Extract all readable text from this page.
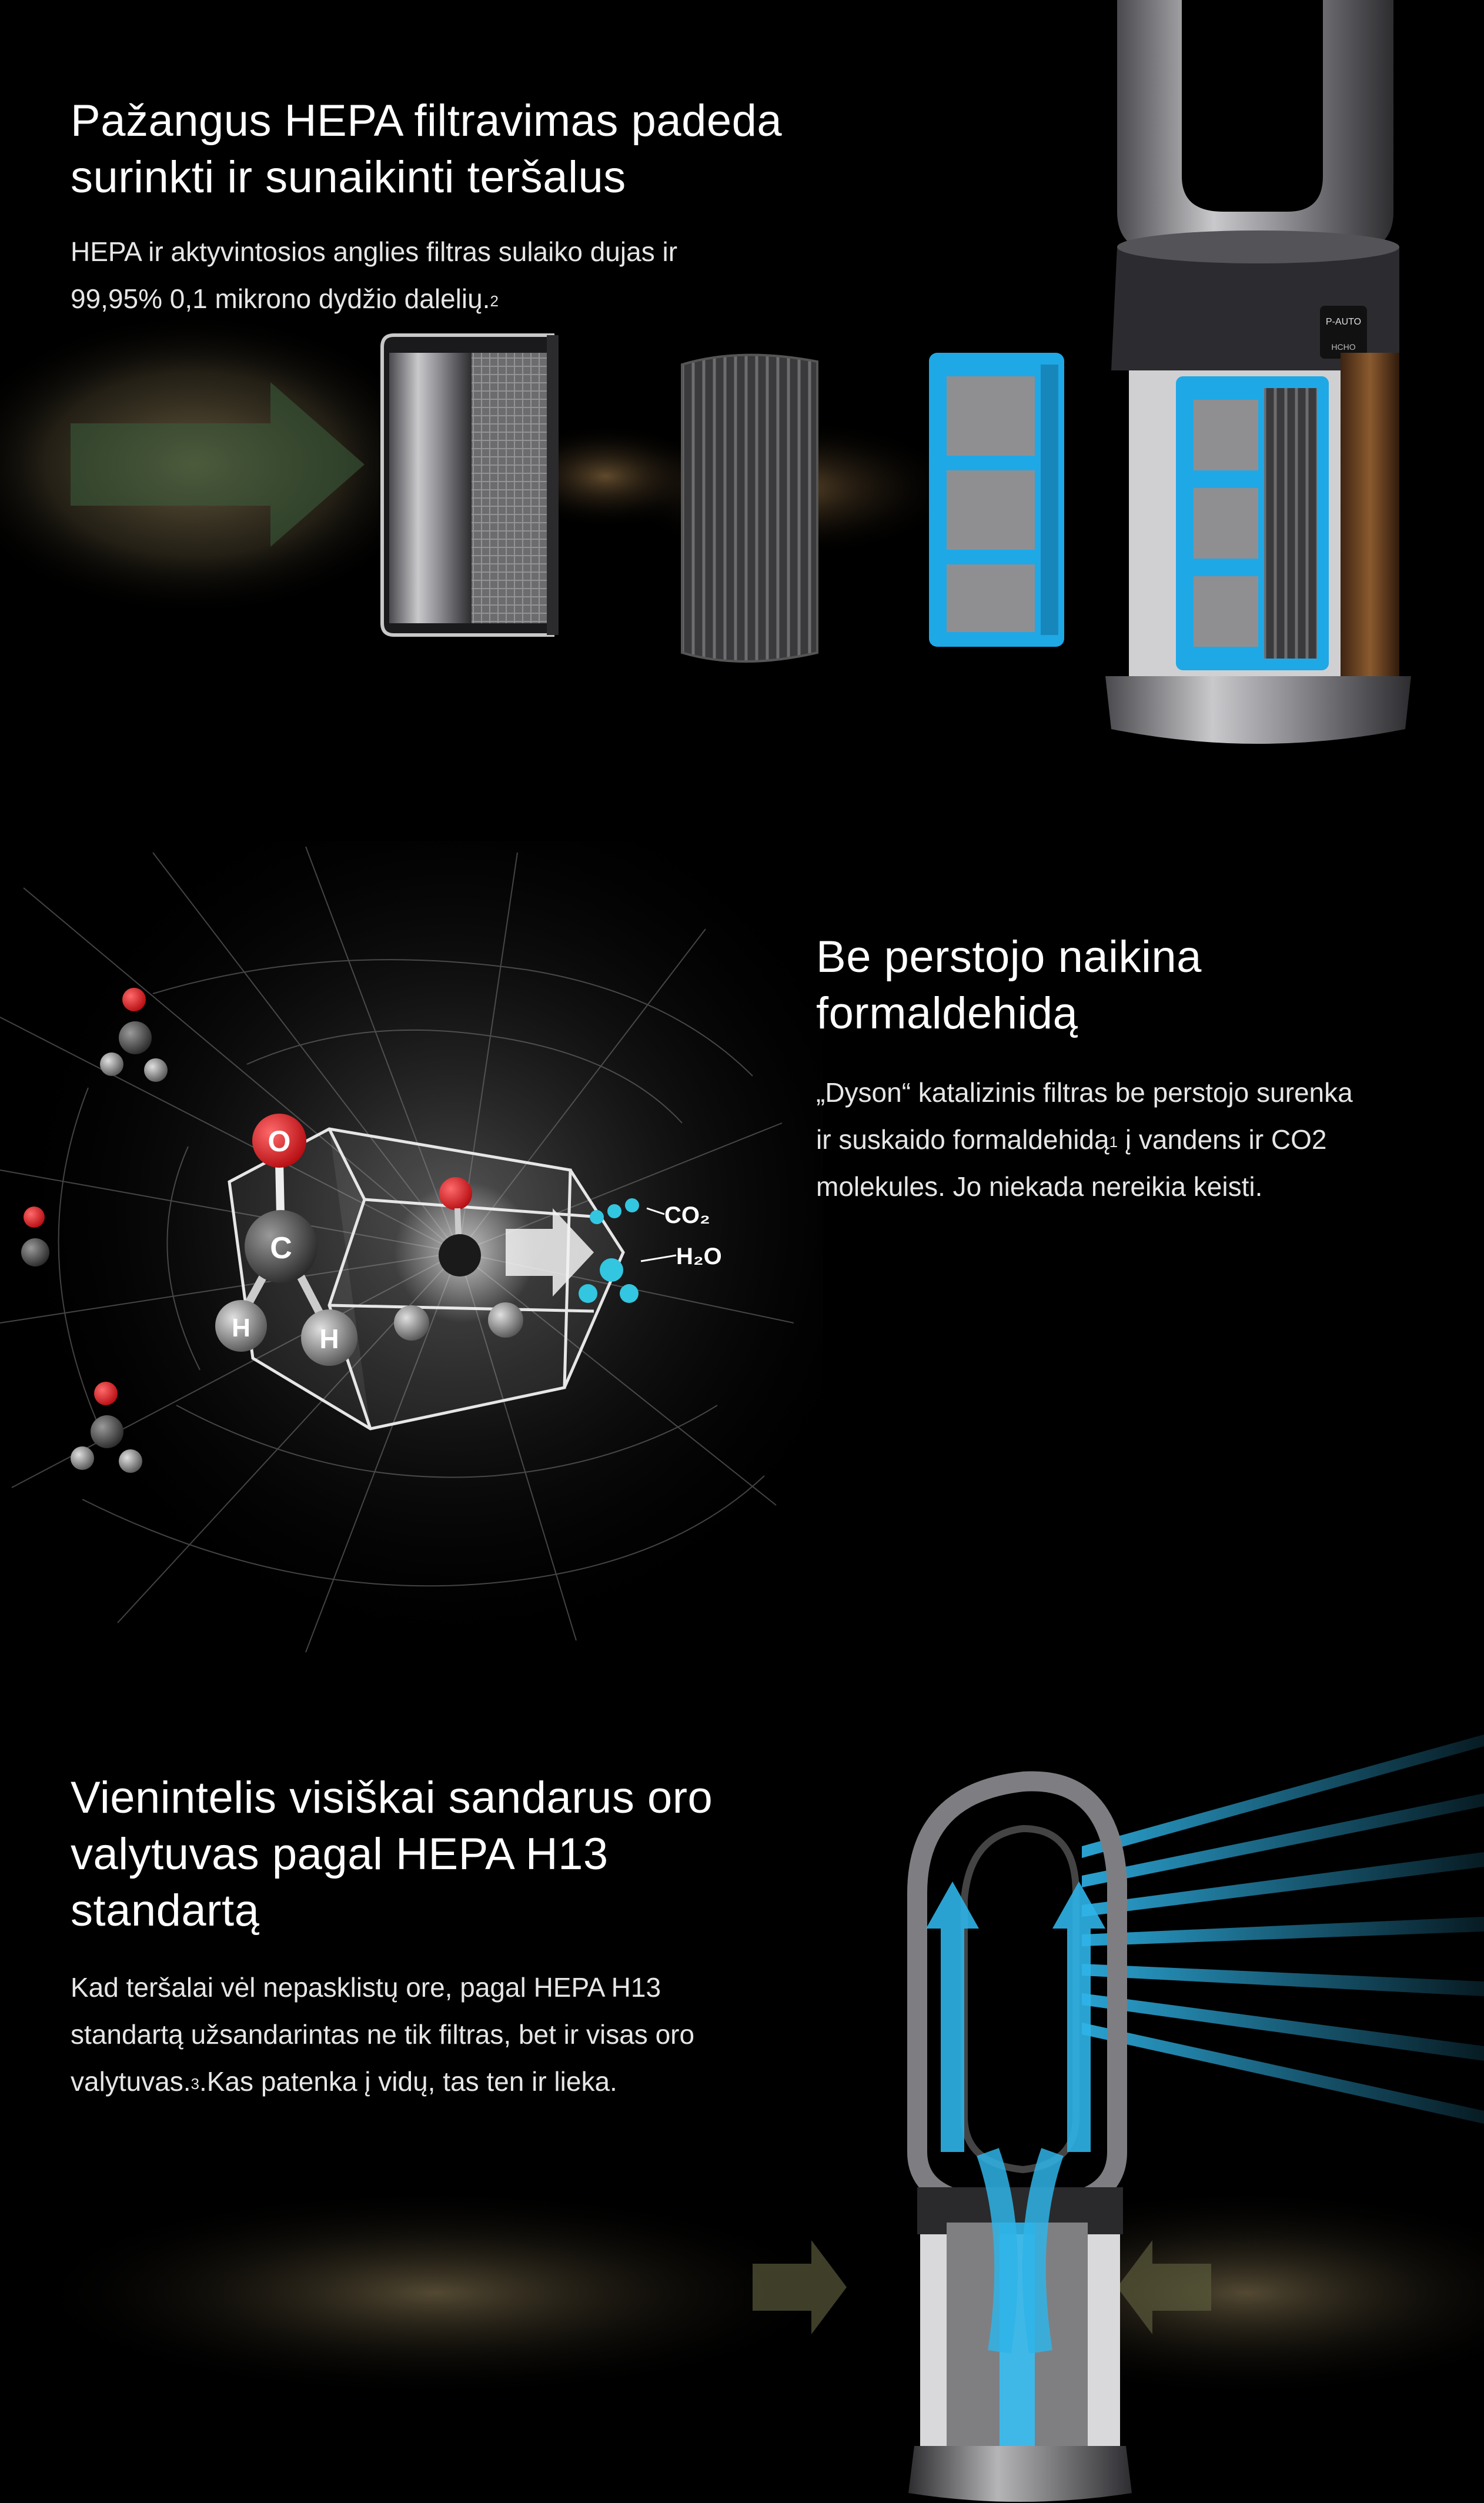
Pažangus HEPA filtravimas padeda
surinkti ir sunaikinti teršalus

HEPA ir aktyvintosios anglies filtras sulaiko dujas ir
99,95% 0,1 mikrono dydžio dalelių.$^2$

P-AUTO
HCHO
O
C
H	H
CO₂
H₂O
Be perstojo naikina
formaldehidą

„Dyson“ katalizinis filtras be perstojo surenka
ir suskaido formaldehidą$^1$ į vandens ir CO2
molekules. Jo niekada nereikia keisti.

Vienintelis visiškai sandarus oro
valytuvas pagal HEPA H13
standartą

Kad teršalai vėl nepasklistų ore, pagal HEPA H13
standartą užsandarintas ne tik filtras, bet ir visas oro
valytuvas.$^3$.Kas patenka į vidų, tas ten ir lieka.
